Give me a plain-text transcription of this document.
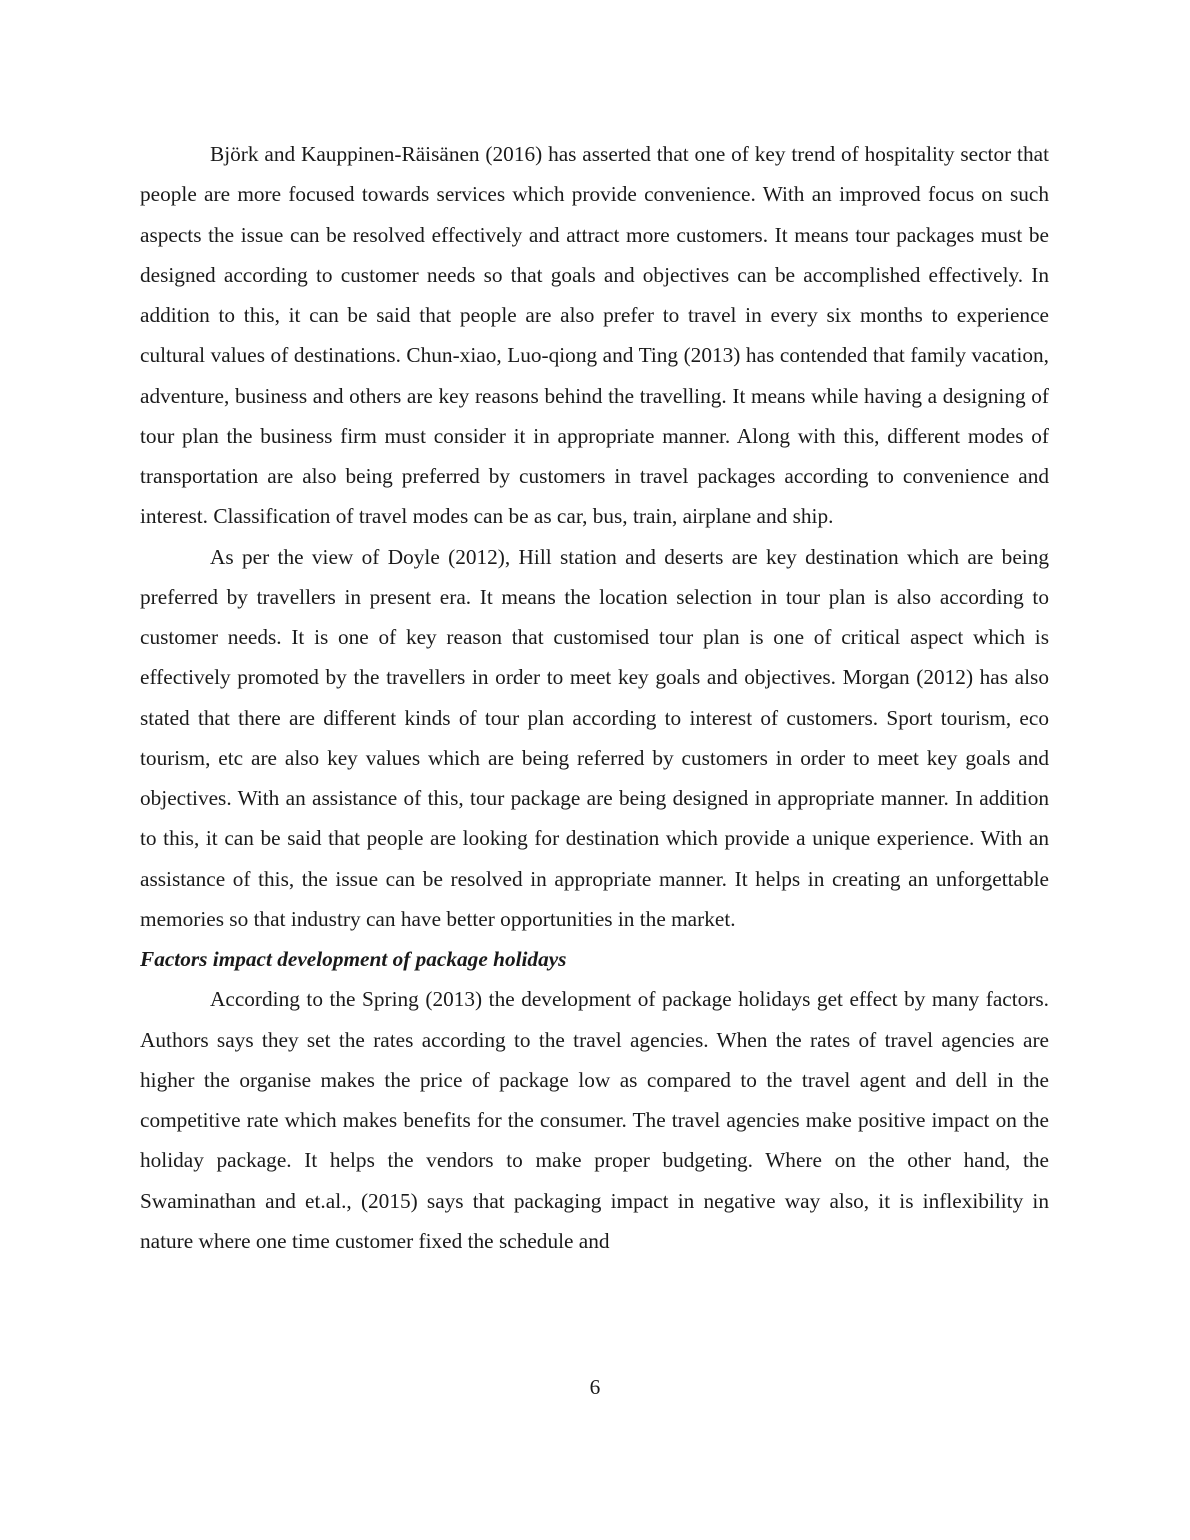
Björk and Kauppinen-Räisänen (2016) has asserted that one of key trend of hospitality sector that people are more focused towards services which provide convenience. With an improved focus on such aspects the issue can be resolved effectively and attract more customers. It means tour packages must be designed according to customer needs so that goals and objectives can be accomplished effectively. In addition to this, it can be said that people are also prefer to travel in every six months to experience cultural values of destinations. Chun-xiao, Luo-qiong and Ting (2013) has contended that family vacation, adventure, business and others are key reasons behind the travelling. It means while having a designing of tour plan the business firm must consider it in appropriate manner. Along with this, different modes of transportation are also being preferred by customers in travel packages according to convenience and interest. Classification of travel modes can be as car, bus, train, airplane and ship.

As per the view of Doyle (2012), Hill station and deserts are key destination which are being preferred by travellers in present era. It means the location selection in tour plan is also according to customer needs. It is one of key reason that customised tour plan is one of critical aspect which is effectively promoted by the travellers in order to meet key goals and objectives. Morgan (2012) has also stated that there are different kinds of tour plan according to interest of customers. Sport tourism, eco tourism, etc are also key values which are being referred by customers in order to meet key goals and objectives. With an assistance of this, tour package are being designed in appropriate manner. In addition to this, it can be said that people are looking for destination which provide a unique experience. With an assistance of this, the issue can be resolved in appropriate manner. It helps in creating an unforgettable memories so that industry can have better opportunities in the market.

Factors impact development of package holidays

According to the Spring (2013) the development of package holidays get effect by many factors. Authors says they set the rates according to the travel agencies. When the rates of travel agencies are higher the organise makes the price of package low as compared to the travel agent and dell in the competitive rate which makes benefits for the consumer. The travel agencies make positive impact on the holiday package. It helps the vendors to make proper budgeting. Where on the other hand, the Swaminathan and et.al., (2015) says that packaging impact in negative way also, it is inflexibility in nature where one time customer fixed the schedule and

6
